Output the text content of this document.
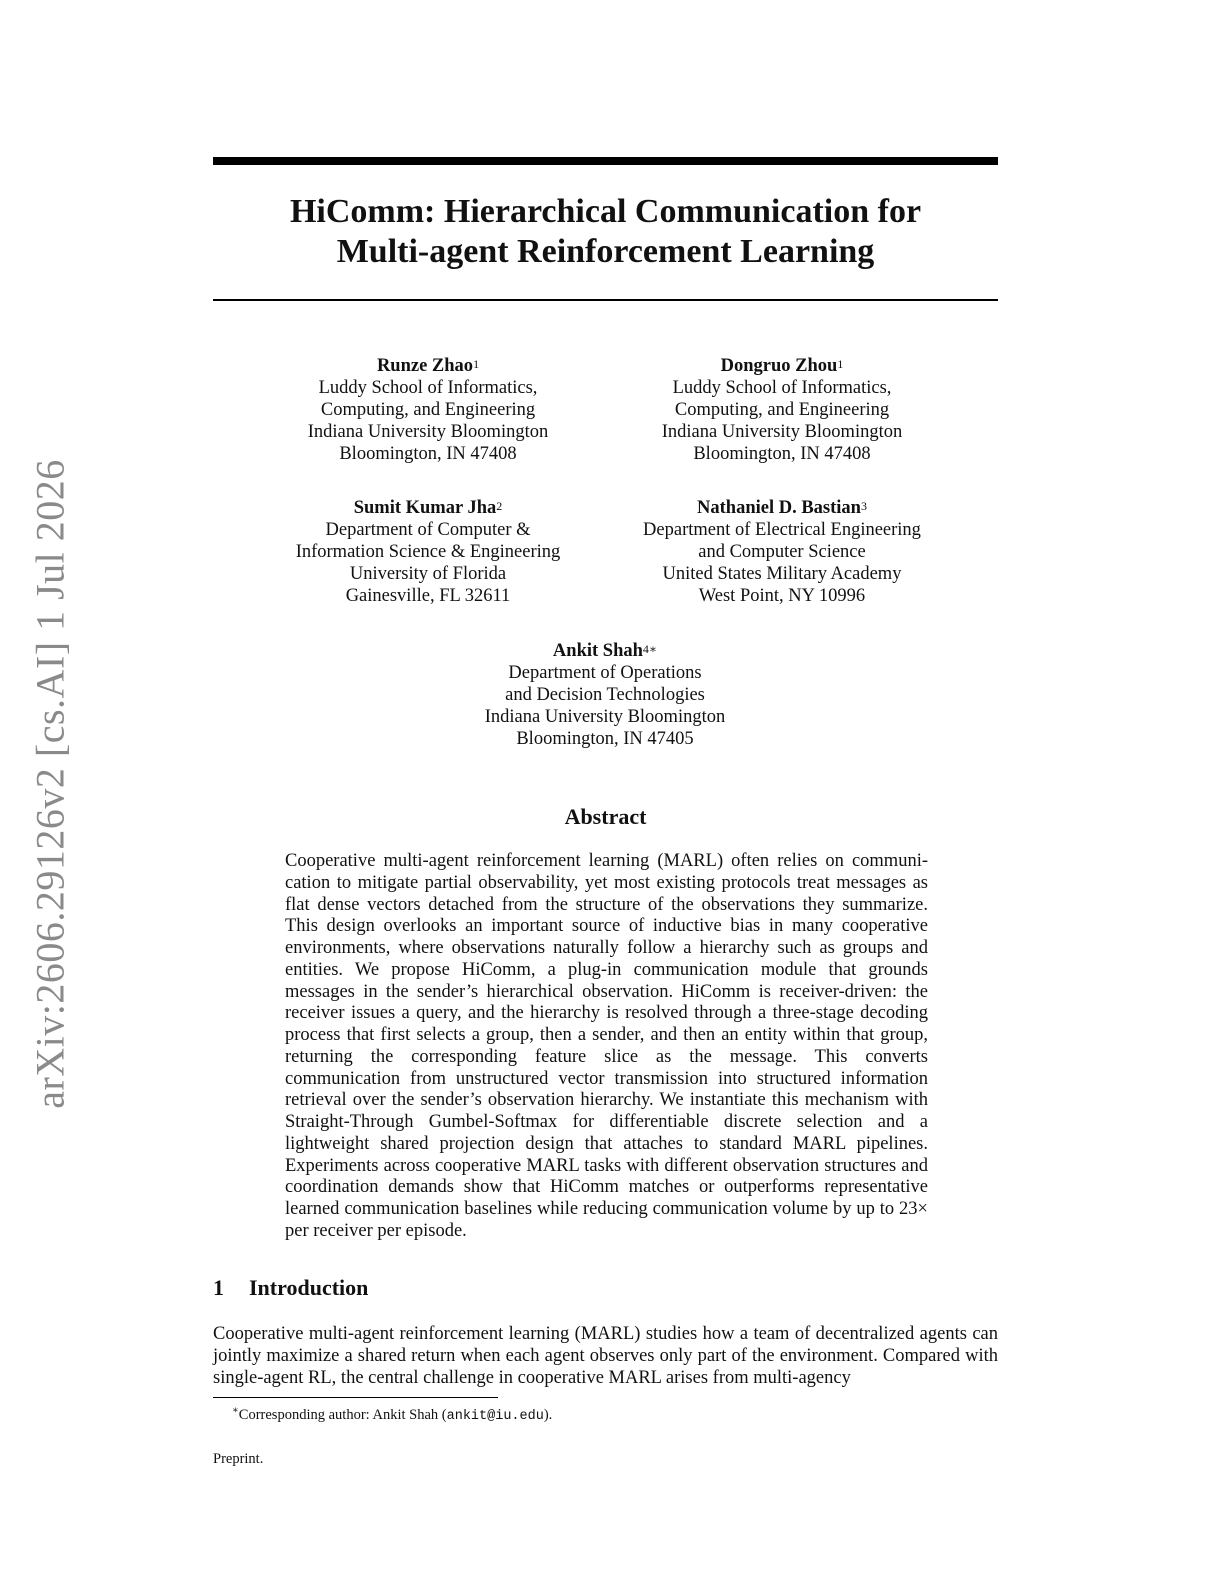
arXiv:2606.29126v2 [cs.AI] 1 Jul 2026
HiComm: Hierarchical Communication for
Multi-agent Reinforcement Learning
Runze Zhao$^1$
Luddy School of Informatics,
Computing, and Engineering
Indiana University Bloomington
Bloomington, IN 47408
Dongruo Zhou$^1$
Luddy School of Informatics,
Computing, and Engineering
Indiana University Bloomington
Bloomington, IN 47408
Sumit Kumar Jha$^2$
Department of Computer &
Information Science & Engineering
University of Florida
Gainesville, FL 32611
Nathaniel D. Bastian$^3$
Department of Electrical Engineering
and Computer Science
United States Military Academy
West Point, NY 10996
Ankit Shah$^{4∗}$
Department of Operations
and Decision Technologies
Indiana University Bloomington
Bloomington, IN 47405
Abstract

Cooperative multi-agent reinforcement learning (MARL) often relies on communication to mitigate partial observability, yet most existing protocols treat messages as flat dense vectors detached from the structure of the observations they summarize. This design overlooks an important source of inductive bias in many cooperative environments, where observations naturally follow a hierarchy such as groups and entities. We propose HiComm, a plug-in communication module that grounds messages in the sender’s hierarchical observation. HiComm is receiver-driven: the receiver issues a query, and the hierarchy is resolved through a three-stage decoding process that first selects a group, then a sender, and then an entity within that group, returning the corresponding feature slice as the message. This converts communication from unstructured vector transmission into structured information retrieval over the sender’s observation hierarchy. We instantiate this mechanism with Straight-Through Gumbel-Softmax for differentiable discrete selection and a lightweight shared projection design that attaches to standard MARL pipelines. Experiments across cooperative MARL tasks with different observation structures and coordination demands show that HiComm matches or outperforms representative learned communication baselines while reducing communication volume by up to 23× per receiver per episode.

1 Introduction

Cooperative multi-agent reinforcement learning (MARL) studies how a team of decentralized agents can jointly maximize a shared return when each agent observes only part of the environment. Compared with single-agent RL, the central challenge in cooperative MARL arises from multi-agency

∗Corresponding author: Ankit Shah (ankit@iu.edu).

Preprint.
